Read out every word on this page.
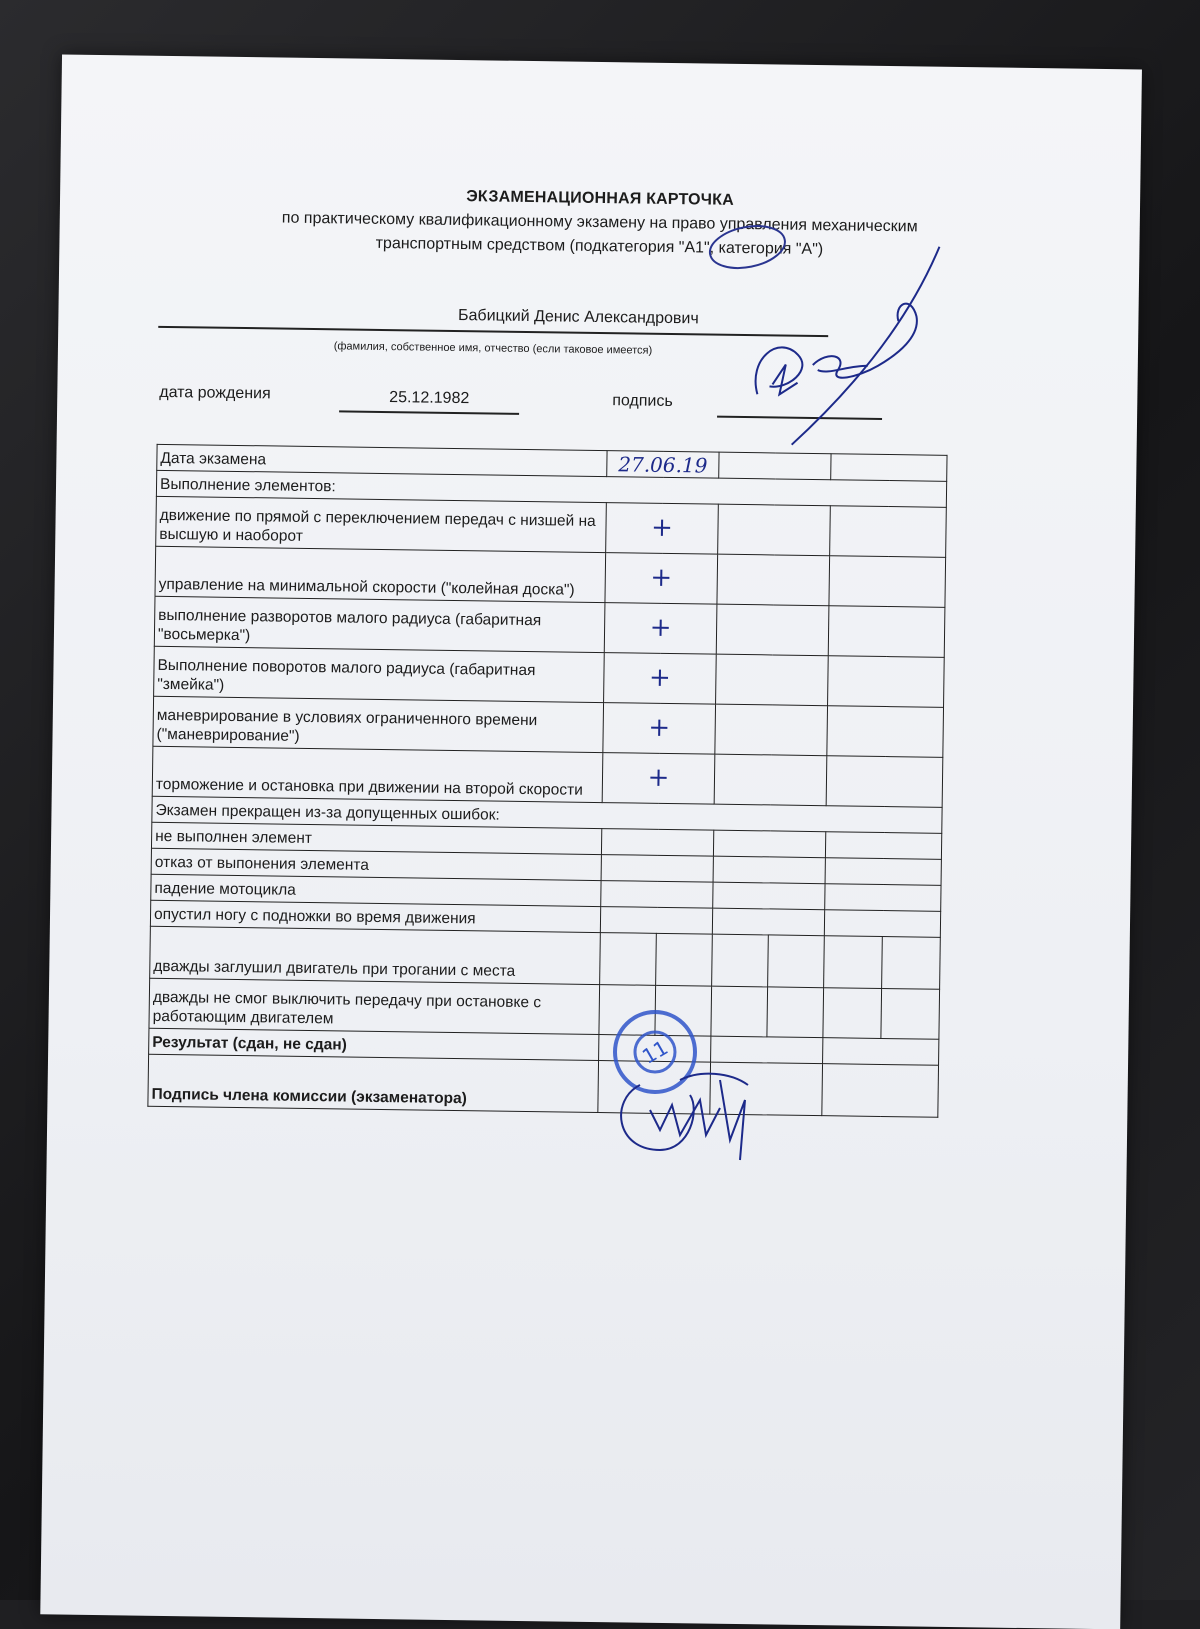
ЭКЗАМЕНАЦИОННАЯ КАРТОЧКА
по практическому квалификационному экзамену на право управления механическим
транспортным средством (подкатегория "А1", категория "А")
Бабицкий Денис Александрович
(фамилия, собственное имя, отчество (если таковое имеется)
дата рождения	25.12.1982	подпись
Дата экзамена	27.06.19					
Выполнение элементов:						
движение по прямой с переключением передач с низшей на высшую и наоборот	+					
управление на минимальной скорости ("колейная доска")	+					
выполнение разворотов малого радиуса (габаритная "восьмерка")	+					
Выполнение поворотов малого радиуса (габаритная "змейка")	+					
маневрирование в условиях ограниченного времени ("маневрирование")	+					
торможение и остановка при движении на второй скорости	+					
Экзамен прекращен из-за допущенных ошибок:						
не выполнен элемент						
отказ от выпонения элемента						
падение мотоцикла						
опустил ногу с подножки во время движения						
дважды заглушил двигатель при трогании с места						
дважды не смог выключить передачу при остановке с работающим двигателем						
Результат (сдан, не сдан)						
Подпись члена комиссии (экзаменатора)						
11
